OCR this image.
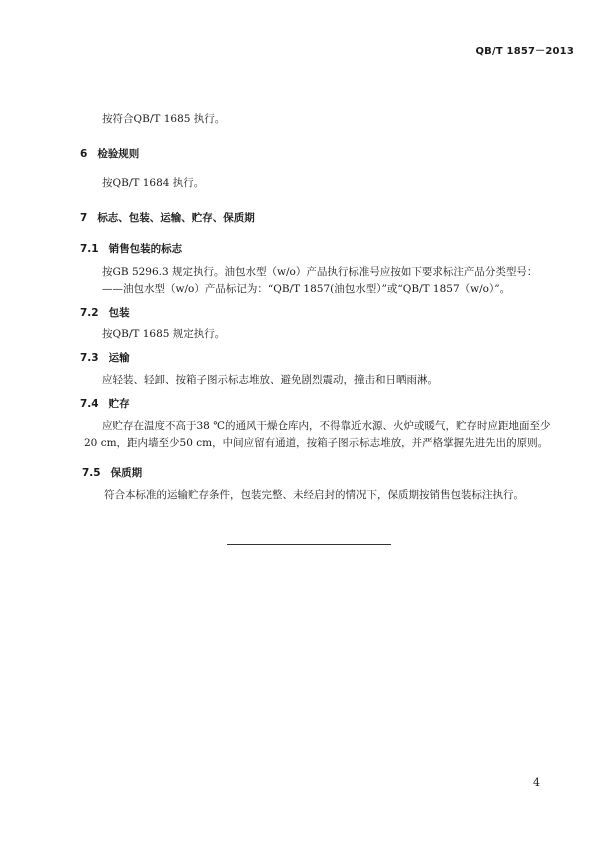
QB/T 1857－2013
按符合QB/T 1685 执行。
6 检验规则
按QB/T 1684 执行。
7 标志、包装、运输、贮存、保质期
7.1 销售包装的标志
按GB 5296.3 规定执行。油包水型（w/o）产品执行标准号应按如下要求标注产品分类型号：
——油包水型（w/o）产品标记为：“QB/T 1857(油包水型）”或“QB/T 1857（w/o）”。
7.2 包装
按QB/T 1685 规定执行。
7.3 运输
应轻装、轻卸、按箱子图示标志堆放、避免剧烈震动，撞击和日晒雨淋。
7.4 贮存
应贮存在温度不高于38 ℃的通风干燥仓库内，不得靠近水源、火炉或暖气，贮存时应距地面至少
20 cm，距内墙至少50 cm，中间应留有通道，按箱子图示标志堆放，并严格掌握先进先出的原则。
7.5 保质期
符合本标准的运输贮存条件，包装完整、未经启封的情况下，保质期按销售包装标注执行。
4
